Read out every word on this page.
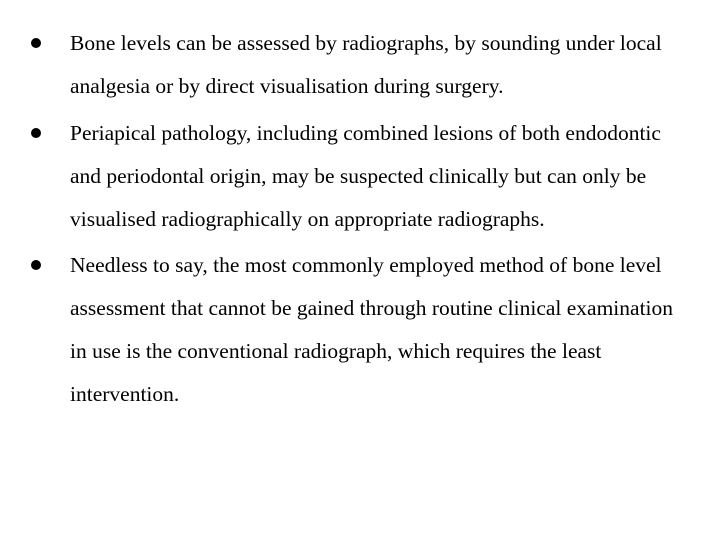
Bone levels can be assessed by radiographs, by sounding under local analgesia or by direct visualisation during surgery.
Periapical pathology, including combined lesions of both endodontic and periodontal origin, may be suspected clinically but can only be visualised radiographically on appropriate radiographs.
Needless to say, the most commonly employed method of bone level assessment that cannot be gained through routine clinical examination in use is the conventional radiograph, which requires the least intervention.
